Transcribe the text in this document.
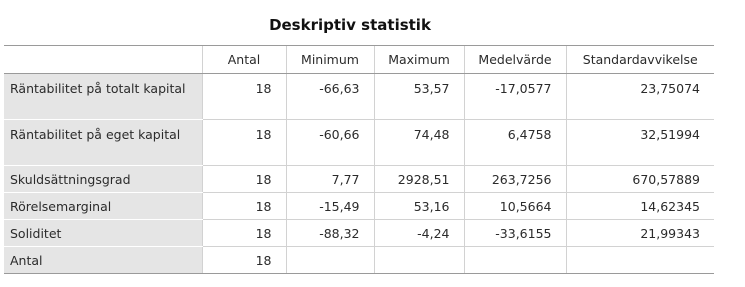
Deskriptiv statistik
	Antal	Minimum	Maximum	Medelvärde	Standardavvikelse
Räntabilitet på totalt kapital	18	-66,63	53,57	-17,0577	23,75074
Räntabilitet på eget kapital	18	-60,66	74,48	6,4758	32,51994
Skuldsättningsgrad	18	7,77	2928,51	263,7256	670,57889
Rörelsemarginal	18	-15,49	53,16	10,5664	14,62345
Soliditet	18	-88,32	-4,24	-33,6155	21,99343
Antal	18				
